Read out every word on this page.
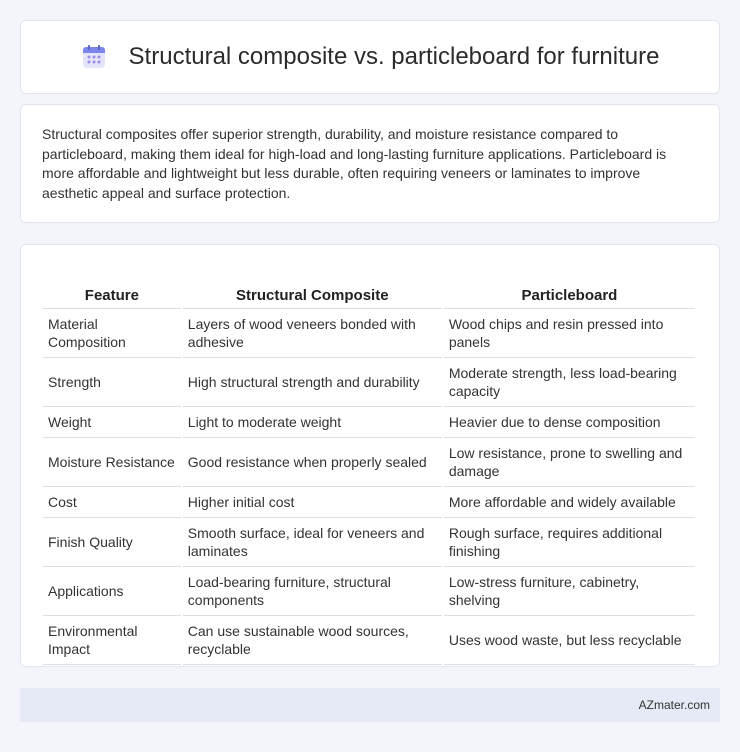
Structural composite vs. particleboard for furniture

Structural composites offer superior strength, durability, and moisture resistance compared to particleboard, making them ideal for high-load and long-lasting furniture applications. Particleboard is more affordable and lightweight but less durable, often requiring veneers or laminates to improve aesthetic appeal and surface protection.

Feature	Structural Composite	Particleboard
Material Composition	Layers of wood veneers bonded with adhesive	Wood chips and resin pressed into panels
Strength	High structural strength and durability	Moderate strength, less load-bearing capacity
Weight	Light to moderate weight	Heavier due to dense composition
Moisture Resistance	Good resistance when properly sealed	Low resistance, prone to swelling and damage
Cost	Higher initial cost	More affordable and widely available
Finish Quality	Smooth surface, ideal for veneers and laminates	Rough surface, requires additional finishing
Applications	Load-bearing furniture, structural components	Low-stress furniture, cabinetry, shelving
Environmental Impact	Can use sustainable wood sources, recyclable	Uses wood waste, but less recyclable
AZmater.com
